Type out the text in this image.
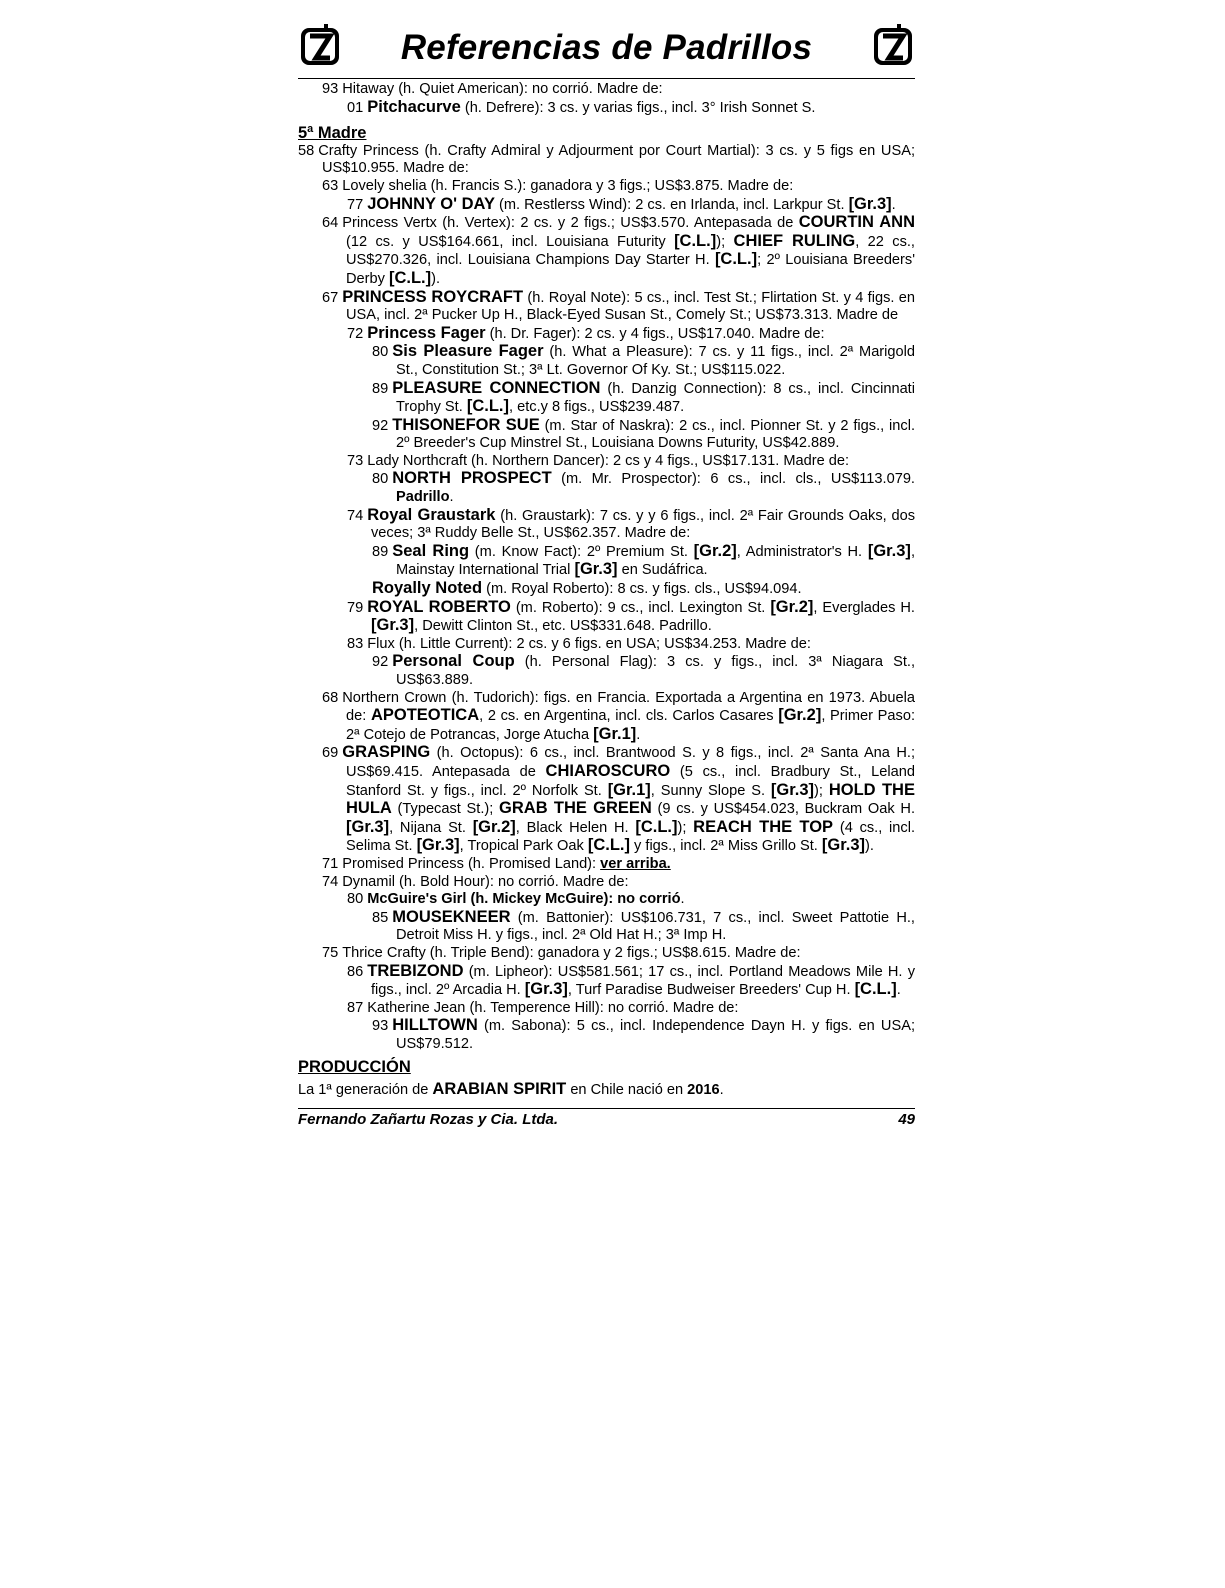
Referencias de Padrillos
93 Hitaway (h. Quiet American): no corrió. Madre de:
01 Pitchacurve (h. Defrere): 3 cs. y varias figs., incl. 3° Irish Sonnet S.
5ª Madre
58 Crafty Princess (h. Crafty Admiral y Adjourment por Court Martial): 3 cs. y 5 figs en USA; US$10.955. Madre de:
63 Lovely shelia (h. Francis S.): ganadora y 3 figs.; US$3.875. Madre de:
77 JOHNNY O' DAY (m. Restlerss Wind): 2 cs. en Irlanda, incl. Larkpur St. [Gr.3].
64 Princess Vertx (h. Vertex): 2 cs. y 2 figs.; US$3.570. Antepasada de COURTIN ANN (12 cs. y US$164.661, incl. Louisiana Futurity [C.L.]); CHIEF RULING, 22 cs., US$270.326, incl. Louisiana Champions Day Starter H. [C.L.]; 2º Louisiana Breeders' Derby [C.L.]).
67 PRINCESS ROYCRAFT (h. Royal Note): 5 cs., incl. Test St.; Flirtation St. y 4 figs. en USA, incl. 2ª Pucker Up H., Black-Eyed Susan St., Comely St.; US$73.313. Madre de
72 Princess Fager (h. Dr. Fager): 2 cs. y 4 figs., US$17.040. Madre de:
80 Sis Pleasure Fager (h. What a Pleasure): 7 cs. y 11 figs., incl. 2ª Marigold St., Constitution St.; 3ª Lt. Governor Of Ky. St.; US$115.022.
89 PLEASURE CONNECTION (h. Danzig Connection): 8 cs., incl. Cincinnati Trophy St. [C.L.], etc.y 8 figs., US$239.487.
92 THISONEFOR SUE (m. Star of Naskra): 2 cs., incl. Pionner St. y 2 figs., incl. 2º Breeder's Cup Minstrel St., Louisiana Downs Futurity, US$42.889.
73 Lady Northcraft (h. Northern Dancer): 2 cs y 4 figs., US$17.131. Madre de:
80 NORTH PROSPECT (m. Mr. Prospector): 6 cs., incl. cls., US$113.079. Padrillo.
74 Royal Graustark (h. Graustark): 7 cs. y y 6 figs., incl. 2ª Fair Grounds Oaks, dos veces; 3ª Ruddy Belle St., US$62.357. Madre de:
89 Seal Ring (m. Know Fact): 2º Premium St. [Gr.2], Administrator's H. [Gr.3], Mainstay International Trial [Gr.3] en Sudáfrica.
Royally Noted (m. Royal Roberto): 8 cs. y figs. cls., US$94.094.
79 ROYAL ROBERTO (m. Roberto): 9 cs., incl. Lexington St. [Gr.2], Everglades H. [Gr.3], Dewitt Clinton St., etc. US$331.648. Padrillo.
83 Flux (h. Little Current): 2 cs. y 6 figs. en USA; US$34.253. Madre de:
92 Personal Coup (h. Personal Flag): 3 cs. y figs., incl. 3ª Niagara St., US$63.889.
68 Northern Crown (h. Tudorich): figs. en Francia. Exportada a Argentina en 1973. Abuela de: APOTEOTICA, 2 cs. en Argentina, incl. cls. Carlos Casares [Gr.2], Primer Paso: 2ª Cotejo de Potrancas, Jorge Atucha [Gr.1].
69 GRASPING (h. Octopus): 6 cs., incl. Brantwood S. y 8 figs., incl. 2ª Santa Ana H.; US$69.415. Antepasada de CHIAROSCURO (5 cs., incl. Bradbury St., Leland Stanford St. y figs., incl. 2º Norfolk St. [Gr.1], Sunny Slope S. [Gr.3]); HOLD THE HULA (Typecast St.); GRAB THE GREEN (9 cs. y US$454.023, Buckram Oak H. [Gr.3], Nijana St. [Gr.2], Black Helen H. [C.L.]); REACH THE TOP (4 cs., incl. Selima St. [Gr.3], Tropical Park Oak [C.L.] y figs., incl. 2ª Miss Grillo St. [Gr.3]).
71 Promised Princess (h. Promised Land): ver arriba.
74 Dynamil (h. Bold Hour): no corrió. Madre de:
80 McGuire's Girl (h. Mickey McGuire): no corrió.
85 MOUSEKNEER (m. Battonier): US$106.731, 7 cs., incl. Sweet Pattotie H., Detroit Miss H. y figs., incl. 2ª Old Hat H.; 3ª Imp H.
75 Thrice Crafty (h. Triple Bend): ganadora y 2 figs.; US$8.615. Madre de:
86 TREBIZOND (m. Lipheor): US$581.561; 17 cs., incl. Portland Meadows Mile H. y figs., incl. 2º Arcadia H. [Gr.3], Turf Paradise Budweiser Breeders' Cup H. [C.L.].
87 Katherine Jean (h. Temperence Hill): no corrió. Madre de:
93 HILLTOWN (m. Sabona): 5 cs., incl. Independence Dayn H. y figs. en USA; US$79.512.
PRODUCCIÓN
La 1ª generación de ARABIAN SPIRIT en Chile nació en 2016.
Fernando Zañartu Rozas y Cia. Ltda.	49
